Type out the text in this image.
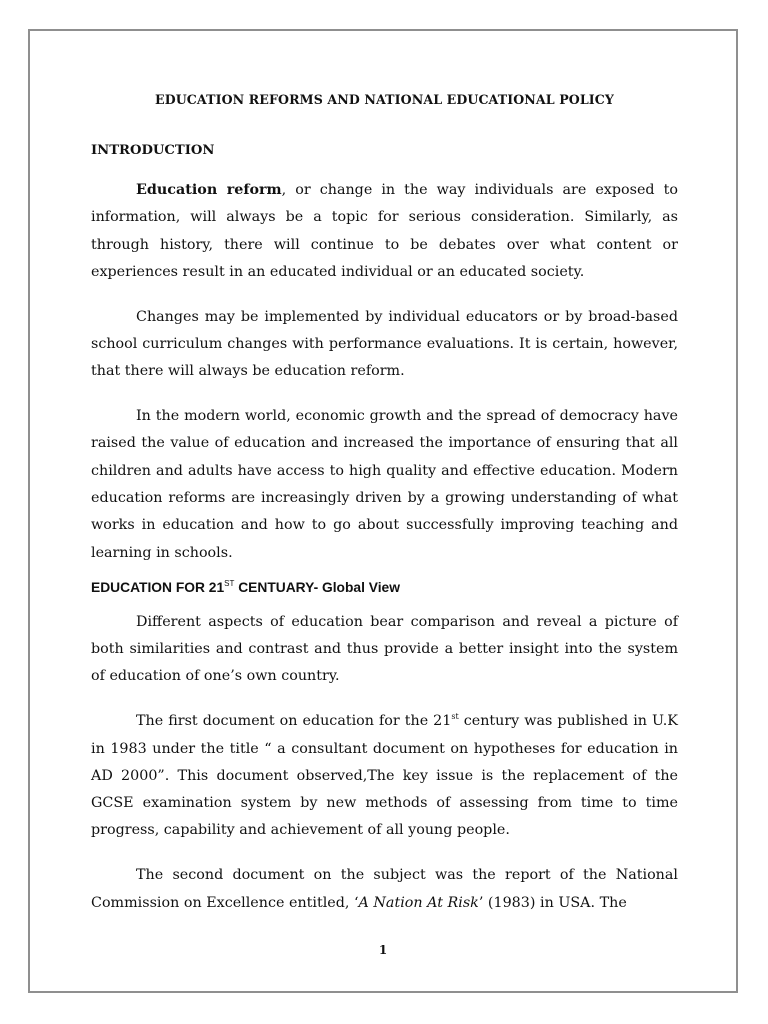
EDUCATION REFORMS AND NATIONAL EDUCATIONAL POLICY
INTRODUCTION

Education reform, or change in the way individuals are exposed to information, will always be a topic for serious consideration. Similarly, as through history, there will continue to be debates over what content or experiences result in an educated individual or an educated society.

Changes may be implemented by individual educators or by broad-based school curriculum changes with performance evaluations. It is certain, however, that there will always be education reform.

In the modern world, economic growth and the spread of democracy have raised the value of education and increased the importance of ensuring that all children and adults have access to high quality and effective education. Modern education reforms are increasingly driven by a growing understanding of what works in education and how to go about successfully improving teaching and learning in schools.

EDUCATION FOR 21ST CENTUARY- Global View

Different aspects of education bear comparison and reveal a picture of both similarities and contrast and thus provide a better insight into the system of education of one’s own country.

The first document on education for the 21st century was published in U.K in 1983 under the title “ a consultant document on hypotheses for education in AD 2000”. This document observed,The key issue is the replacement of the GCSE examination system by new methods of assessing from time to time progress, capability and achievement of all young people.

The second document on the subject was the report of the National Commission on Excellence entitled, ‘A Nation At Risk’ (1983) in USA. The

1
